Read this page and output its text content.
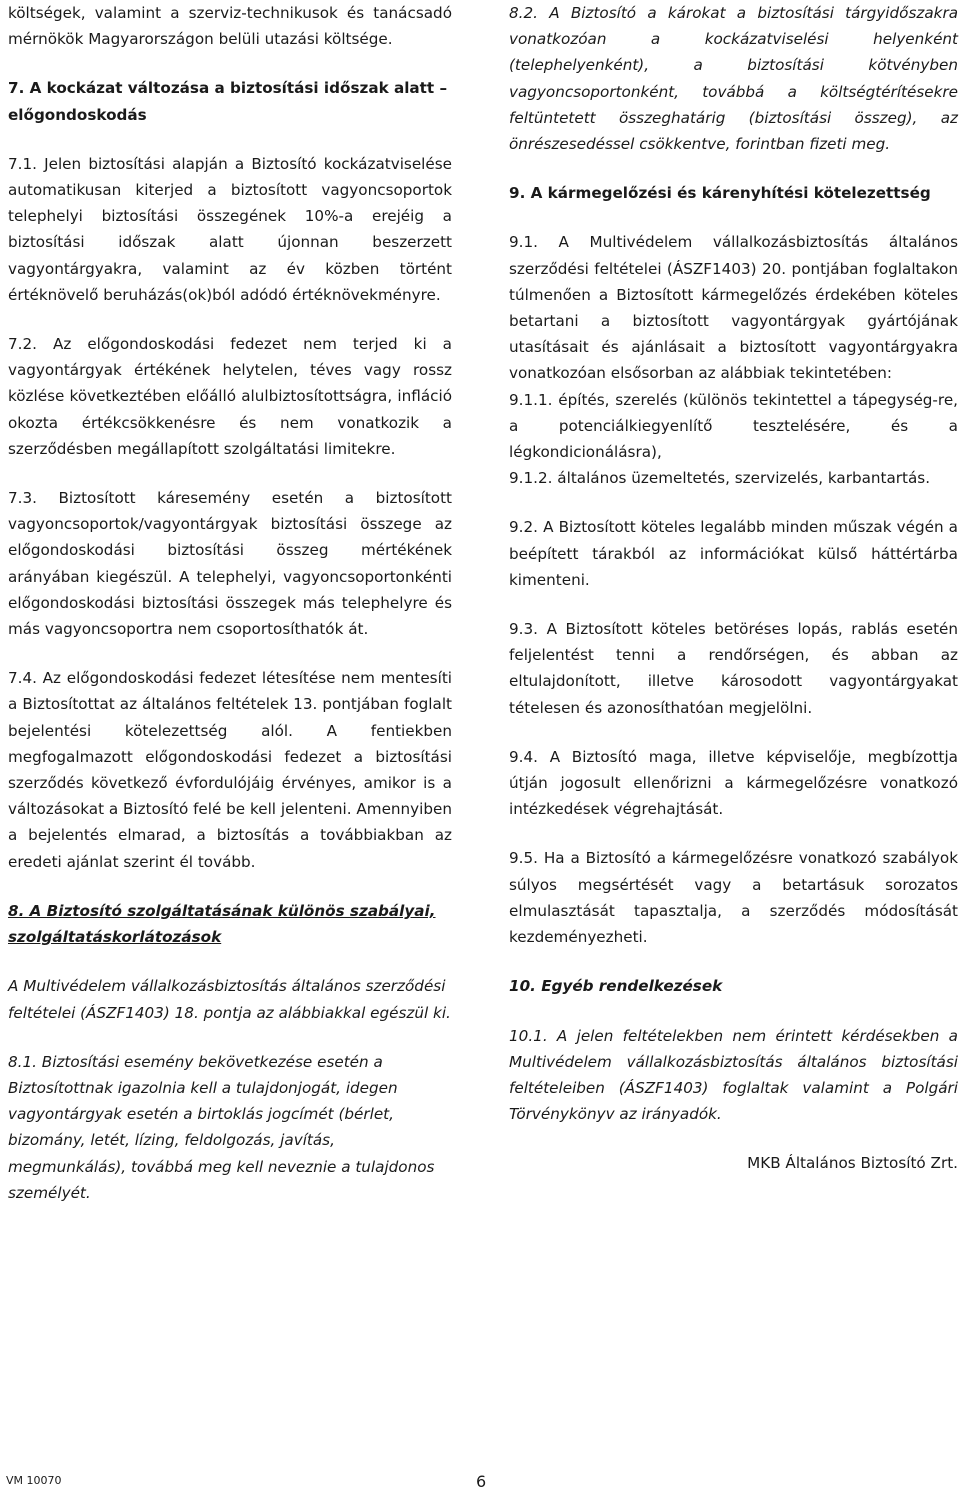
költségek, valamint a szerviz-technikusok és tanácsadó mérnökök Magyarországon belüli utazási költsége.

7. A kockázat változása a biztosítási időszak alatt – előgondoskodás

7.1. Jelen biztosítási alapján a Biztosító kockázatviselése automatikusan kiterjed a biztosított vagyoncsoportok telephelyi biztosítási összegének 10%-a erejéig a biztosítási időszak alatt újonnan beszerzett vagyontárgyakra, valamint az év közben történt értéknövelő beruházás(ok)ból adódó értéknövekményre.

7.2. Az előgondoskodási fedezet nem terjed ki a vagyontárgyak értékének helytelen, téves vagy rossz közlése következtében előálló alulbiztosítottságra, infláció okozta értékcsökkenésre és nem vonatkozik a szerződésben megállapított szolgáltatási limitekre.

7.3. Biztosított káresemény esetén a biztosított vagyoncsoportok/vagyontárgyak biztosítási összege az előgondoskodási biztosítási összeg mértékének arányában kiegészül. A telephelyi, vagyoncsoportonkénti előgondoskodási biztosítási összegek más telephelyre és más vagyoncsoportra nem csoportosíthatók át.

7.4. Az előgondoskodási fedezet létesítése nem mentesíti a Biztosítottat az általános feltételek 13. pontjában foglalt bejelentési kötelezettség alól. A fentiekben megfogalmazott előgondoskodási fedezet a biztosítási szerződés következő évfordulójáig érvényes, amikor is a változásokat a Biztosító felé be kell jelenteni. Amennyiben a bejelentés elmarad, a biztosítás a továbbiakban az eredeti ajánlat szerint él tovább.

8. A Biztosító szolgáltatásának különös szabályai, szolgáltatáskorlátozások

A Multivédelem vállalkozásbiztosítás általános szerződési feltételei (ÁSZF1403) 18. pontja az alábbiakkal egészül ki.

8.1. Biztosítási esemény bekövetkezése esetén a Biztosítottnak igazolnia kell a tulajdonjogát, idegen vagyontárgyak esetén a birtoklás jogcímét (bérlet, bizomány, letét, lízing, feldolgozás, javítás, megmunkálás), továbbá meg kell neveznie a tulajdonos személyét.

8.2. A Biztosító a károkat a biztosítási tárgyidőszakra vonatkozóan a kockázatviselési helyenként (telephelyenként), a biztosítási kötvényben vagyoncsoportonként, továbbá a költségtérítésekre feltüntetett összeghatárig (biztosítási összeg), az önrészesedéssel csökkentve, forintban fizeti meg.

9. A kármegelőzési és kárenyhítési kötelezettség

9.1. A Multivédelem vállalkozásbiztosítás általános szerződési feltételei (ÁSZF1403) 20. pontjában foglaltakon túlmenően a Biztosított kármegelőzés érdekében köteles betartani a biztosított vagyontárgyak gyártójának utasításait és ajánlásait a biztosított vagyontárgyakra vonatkozóan elsősorban az alábbiak tekintetében:

9.1.1. építés, szerelés (különös tekintettel a tápegység-re, a potenciálkiegyenlítő tesztelésére, és a légkondicionálásra),

9.1.2. általános üzemeltetés, szervizelés, karbantartás.

9.2. A Biztosított köteles legalább minden műszak végén a beépített tárakból az információkat külső háttértárba kimenteni.

9.3. A Biztosított köteles betöréses lopás, rablás esetén feljelentést tenni a rendőrségen, és abban az eltulajdonított, illetve károsodott vagyontárgyakat tételesen és azonosíthatóan megjelölni.

9.4. A Biztosító maga, illetve képviselője, megbízottja útján jogosult ellenőrizni a kármegelőzésre vonatkozó intézkedések végrehajtását.

9.5. Ha a Biztosító a kármegelőzésre vonatkozó szabályok súlyos megsértését vagy a betartásuk sorozatos elmulasztását tapasztalja, a szerződés módosítását kezdeményezheti.

10. Egyéb rendelkezések

10.1. A jelen feltételekben nem érintett kérdésekben a Multivédelem vállalkozásbiztosítás általános biztosítási feltételeiben (ÁSZF1403) foglaltak valamint a Polgári Törvénykönyv az irányadók.

MKB Általános Biztosító Zrt.

VM 10070	6
